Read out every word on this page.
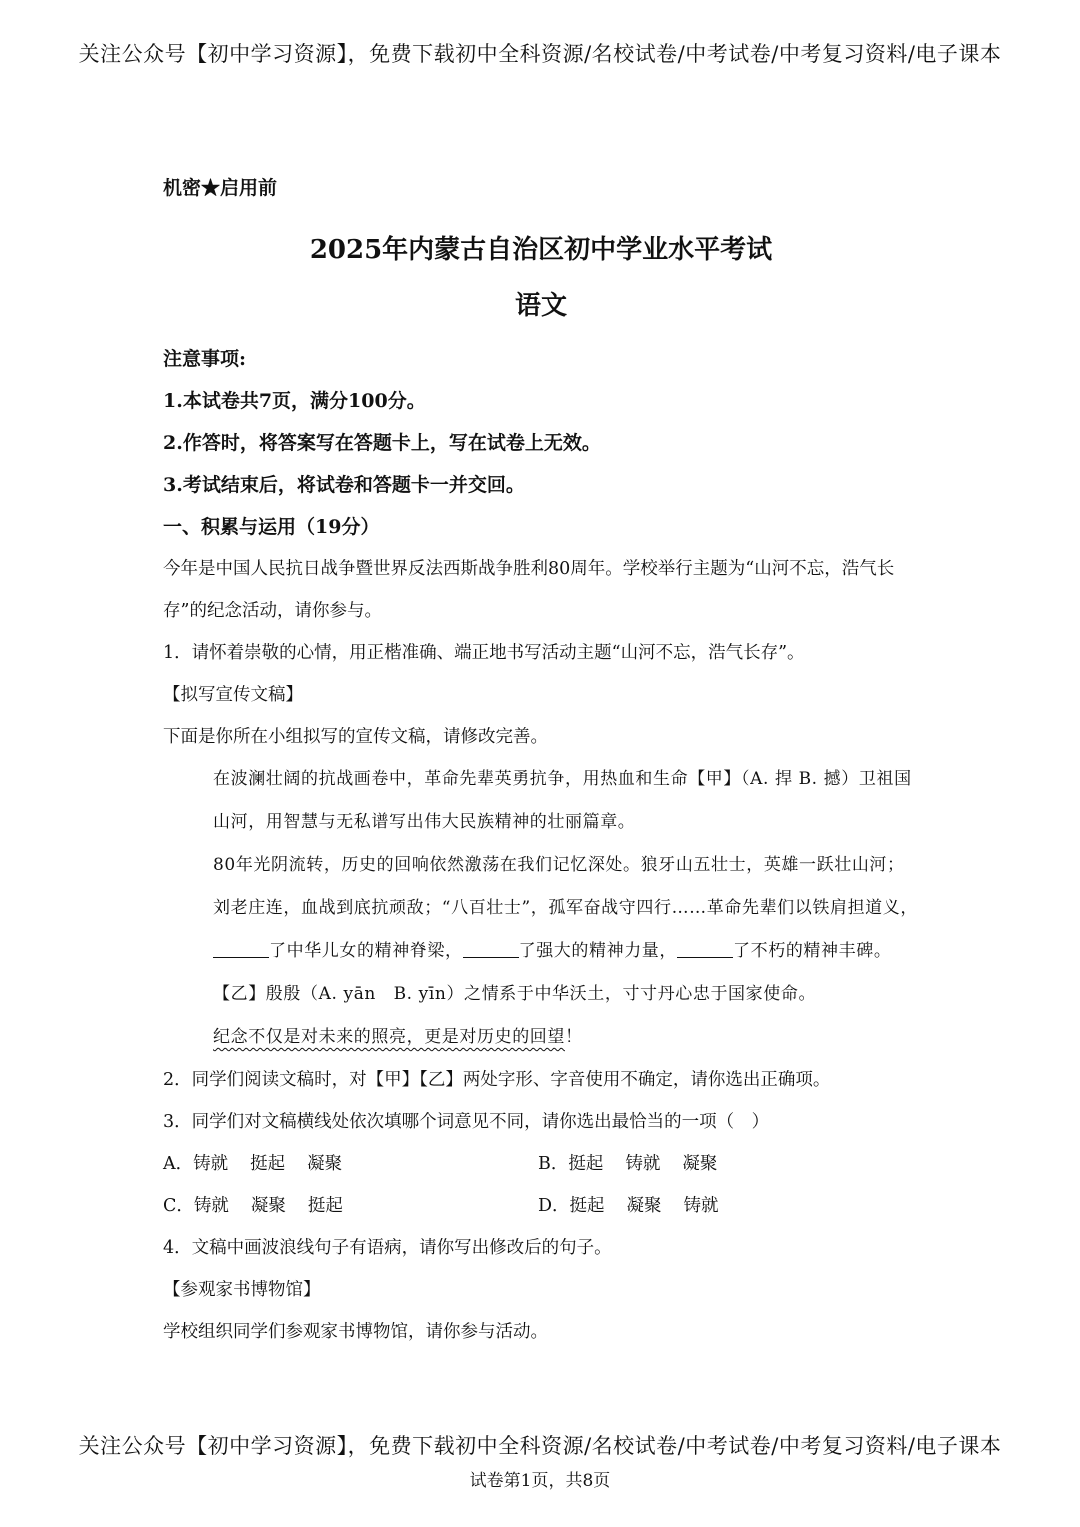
关注公众号【初中学习资源】，免费下载初中全科资源/名校试卷/中考试卷/中考复习资料/电子课本
机密★启用前
2025年内蒙古自治区初中学业水平考试
语文
注意事项:
1.本试卷共7页，满分100分。
2.作答时，将答案写在答题卡上，写在试卷上无效。
3.考试结束后，将试卷和答题卡一并交回。
一、积累与运用（19分）
今年是中国人民抗日战争暨世界反法西斯战争胜利80周年。学校举行主题为“山河不忘，浩气长存”的纪念活动，请你参与。
1．请怀着崇敬的心情，用正楷准确、端正地书写活动主题“山河不忘，浩气长存”。
【拟写宣传文稿】
下面是你所在小组拟写的宣传文稿，请修改完善。
在波澜壮阔的抗战画卷中，革命先辈英勇抗争，用热血和生命【甲】（A. 捍 B. 撼）卫祖国山河，用智慧与无私谱写出伟大民族精神的壮丽篇章。
80年光阴流转，历史的回响依然激荡在我们记忆深处。狼牙山五壮士，英雄一跃壮山河；刘老庄连，血战到底抗顽敌；“八百壮士”，孤军奋战守四行……革命先辈们以铁肩担道义，了中华儿女的精神脊梁，	了强大的精神力量，	了不朽的精神丰碑。【乙】殷殷（A. yān　B. yīn）之情系于中华沃土，寸寸丹心忠于国家使命。
纪念不仅是对未来的照亮，更是对历史的回望！
2．同学们阅读文稿时，对【甲】【乙】两处字形、字音使用不确定，请你选出正确项。
3．同学们对文稿横线处依次填哪个词意见不同，请你选出最恰当的一项（　）
A．铸就 挺起 凝聚	B．挺起 铸就 凝聚
C．铸就 凝聚 挺起	D．挺起 凝聚 铸就
4．文稿中画波浪线句子有语病，请你写出修改后的句子。
【参观家书博物馆】
学校组织同学们参观家书博物馆，请你参与活动。
关注公众号【初中学习资源】，免费下载初中全科资源/名校试卷/中考试卷/中考复习资料/电子课本
试卷第1页，共8页
